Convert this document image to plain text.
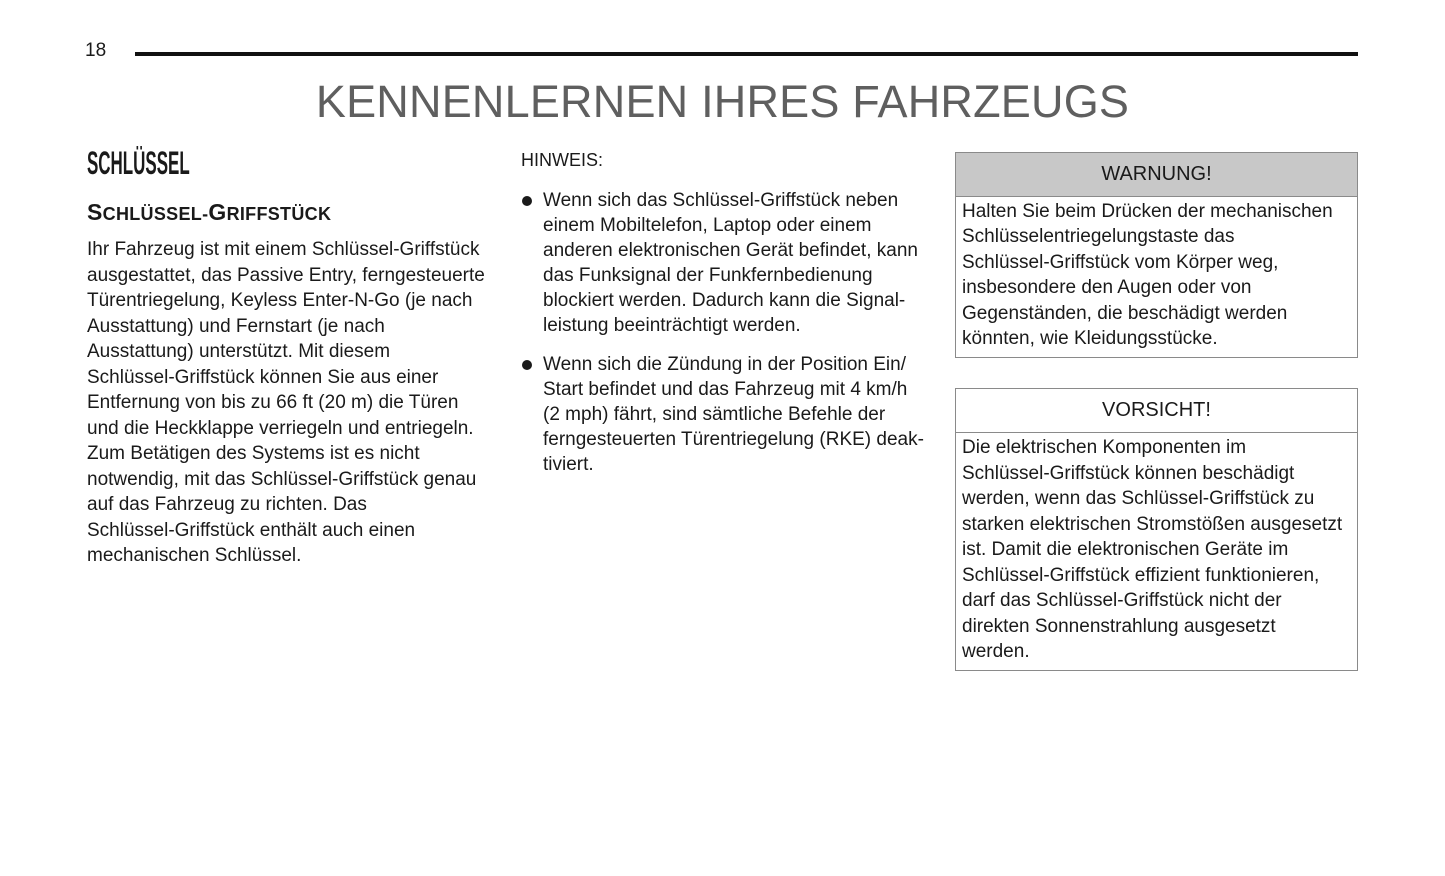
18
KENNENLERNEN IHRES FAHRZEUGS
SCHLÜSSEL
SCHLÜSSEL-GRIFFSTÜCK
Ihr Fahrzeug ist mit einem Schlüssel-Griffstück
ausgestattet, das Passive Entry, ferngesteuerte
Türentriegelung, Keyless Enter-N-Go (je nach
Ausstattung) und Fernstart (je nach
Ausstattung) unterstützt. Mit diesem
Schlüssel-Griffstück können Sie aus einer
Entfernung von bis zu 66 ft (20 m) die Türen
und die Heckklappe verriegeln und entriegeln.
Zum Betätigen des Systems ist es nicht
notwendig, mit das Schlüssel-Griffstück genau
auf das Fahrzeug zu richten. Das
Schlüssel-Griffstück enthält auch einen
mechanischen Schlüssel.
HINWEIS:
Wenn sich das Schlüssel-Griffstück neben
einem Mobiltelefon, Laptop oder einem
anderen elektronischen Gerät befindet, kann
das Funksignal der Funkfernbedienung
blockiert werden. Dadurch kann die Signal-
leistung beeinträchtigt werden.
Wenn sich die Zündung in der Position Ein/
Start befindet und das Fahrzeug mit 4 km/h
(2 mph) fährt, sind sämtliche Befehle der
ferngesteuerten Türentriegelung (RKE) deak-
tiviert.
WARNUNG!
Halten Sie beim Drücken der mechanischen
Schlüsselentriegelungstaste das
Schlüssel-Griffstück vom Körper weg,
insbesondere den Augen oder von
Gegenständen, die beschädigt werden
könnten, wie Kleidungsstücke.
VORSICHT!
Die elektrischen Komponenten im
Schlüssel-Griffstück können beschädigt
werden, wenn das Schlüssel-Griffstück zu
starken elektrischen Stromstößen ausgesetzt
ist. Damit die elektronischen Geräte im
Schlüssel-Griffstück effizient funktionieren,
darf das Schlüssel-Griffstück nicht der
direkten Sonnenstrahlung ausgesetzt
werden.
